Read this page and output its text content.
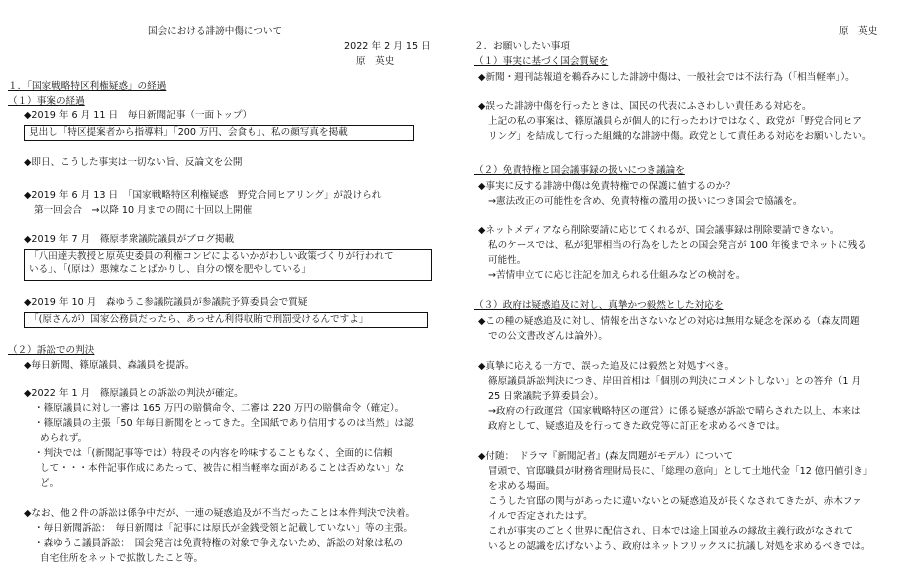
国会における誹謗中傷について
2022 年 2 月 15 日
原　英史
１．「国家戦略特区利権疑惑」の経過
（１）事案の経過
◆2019 年 6 月 11 日　毎日新聞記事（一面トップ）
見出し「特区提案者から指導料」「200 万円、会食も」、私の顔写真を掲載
◆即日、こうした事実は一切ない旨、反論文を公開
◆2019 年 6 月 13 日　「国家戦略特区利権疑惑　野党合同ヒアリング」が設けられ
第一回会合　→以降 10 月までの間に十回以上開催
◆2019 年 7 月　篠原孝衆議院議員がブログ掲載
「八田達夫教授と原英史委員の利権コンビによるいかがわしい政策づくりが行われて
いる」、「(原は）悪辣なことばかりし、自分の懐を肥やしている」
◆2019 年 10 月　森ゆうこ参議院議員が参議院予算委員会で質疑
「(原さんが）国家公務員だったら、あっせん利得収賄で刑罰受けるんですよ」
（２）訴訟での判決
◆毎日新聞、篠原議員、森議員を提訴。
◆2022 年 1 月　篠原議員との訴訟の判決が確定。
・篠原議員に対し一審は 165 万円の賠償命令、二審は 220 万円の賠償命令（確定）。
・篠原議員の主張「50 年毎日新聞をとってきた。全国紙であり信用するのは当然」は認
められず。
・判決では「(新聞記事等では）特段その内容を吟味することもなく、全面的に信頼
して・・・本件記事作成にあたって、被告に相当軽率な面があることは否めない」な
ど。
◆なお、他２件の訴訟は係争中だが、一連の疑惑追及が不当だったことは本件判決で決着。
・毎日新聞訴訟：　毎日新聞は「記事には原氏が金銭受領と記載していない」等の主張。
・森ゆうこ議員訴訟：　国会発言は免責特権の対象で争えないため、訴訟の対象は私の
自宅住所をネットで拡散したこと等。
原　英史
２．お願いしたい事項
（１）事実に基づく国会質疑を
◆新聞・週刊誌報道を鵜呑みにした誹謗中傷は、一般社会では不法行為（「相当軽率」）。
◆誤った誹謗中傷を行ったときは、国民の代表にふさわしい責任ある対応を。
上記の私の事案は、篠原議員らが個人的に行ったわけではなく、政党が「野党合同ヒア
リング」を結成して行った組織的な誹謗中傷。政党として責任ある対応をお願いしたい。
（２）免責特権と国会議事録の扱いにつき議論を
◆事実に反する誹謗中傷は免責特権での保護に値するのか？
→憲法改正の可能性を含め、免責特権の濫用の扱いにつき国会で協議を。
◆ネットメディアなら削除要請に応じてくれるが、国会議事録は削除要請できない。
私のケースでは、私が犯罪相当の行為をしたとの国会発言が 100 年後までネットに残る
可能性。
→苦情申立てに応じ注記を加えられる仕組みなどの検討を。
（３）政府は疑惑追及に対し、真摯かつ毅然とした対応を
◆この種の疑惑追及に対し、情報を出さないなどの対応は無用な疑念を深める（森友問題
での公文書改ざんは論外）。
◆真摯に応える一方で、誤った追及には毅然と対処すべき。
篠原議員訴訟判決につき、岸田首相は「個別の判決にコメントしない」との答弁（1 月
25 日衆議院予算委員会）。
→政府の行政運営（国家戦略特区の運営）に係る疑惑が訴訟で晴らされた以上、本来は
政府として、疑惑追及を行ってきた政党等に訂正を求めるべきでは。
◆付随：　ドラマ『新聞記者』(森友問題がモデル）について
冒頭で、官邸職員が財務省理財局長に、「総理の意向」として土地代金「12 億円値引き」
を求める場面。
こうした官邸の関与があったに違いないとの疑惑追及が長くなされてきたが、赤木ファ
イルで否定されたはず。
これが事実のごとく世界に配信され、日本では途上国並みの縁故主義行政がなされて
いるとの認識を広げないよう、政府はネットフリックスに抗議し対処を求めるべきでは。
